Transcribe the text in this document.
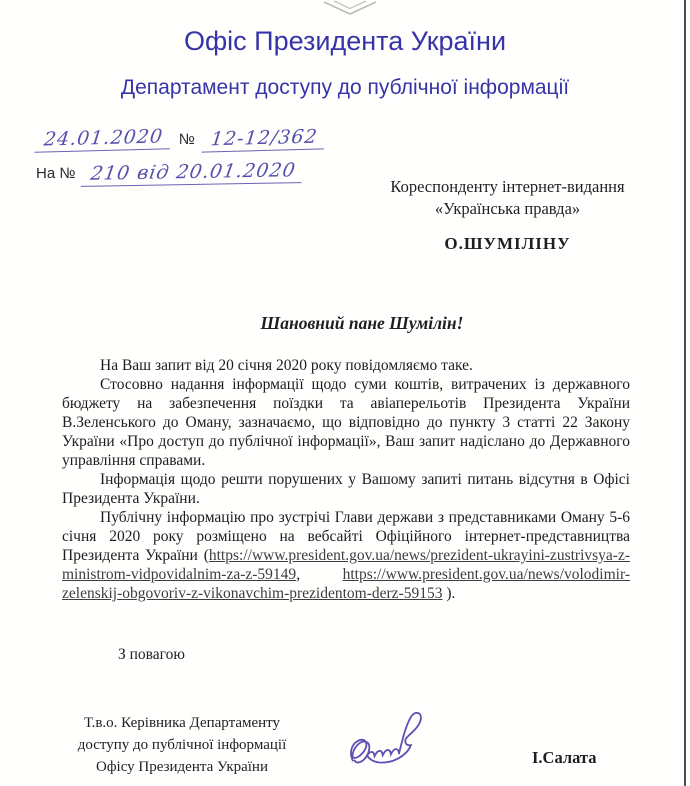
Офіс Президента України
Департамент доступу до публічної інформації
24.01.2020 № 12-12/362
На № 210 від 20.01.2020
Кореспонденту інтернет-видання
«Українська правда»
О.ШУМІЛІНУ
Шановний пане Шумілін!

На Ваш запит від 20 січня 2020 року повідомляємо таке.

Стосовно надання інформації щодо суми коштів, витрачених із державного бюджету на забезпечення поїздки та авіаперельотів Президента України В.Зеленського до Оману, зазначаємо, що відповідно до пункту 3 статті 22 Закону України «Про доступ до публічної інформації», Ваш запит надіслано до Державного управління справами.

Інформація щодо решти порушених у Вашому запиті питань відсутня в Офісі Президента України.

Публічну інформацію про зустрічі Глави держави з представниками Оману 5-6 січня 2020 року розміщено на вебсайті Офіційного інтернет-представництва Президента України (https://www.president.gov.ua/news/prezident-ukrayini-zustrivsya-z-ministrom-vidpovidalnim-za-z-59149, https://www.president.gov.ua/news/volodimir-zelenskij-obgovoriv-z-vikonavchim-prezidentom-derz-59153 ).

З повагою
Т.в.о. Керівника Департаменту
доступу до публічної інформації
Офісу Президента України	І.Салата
